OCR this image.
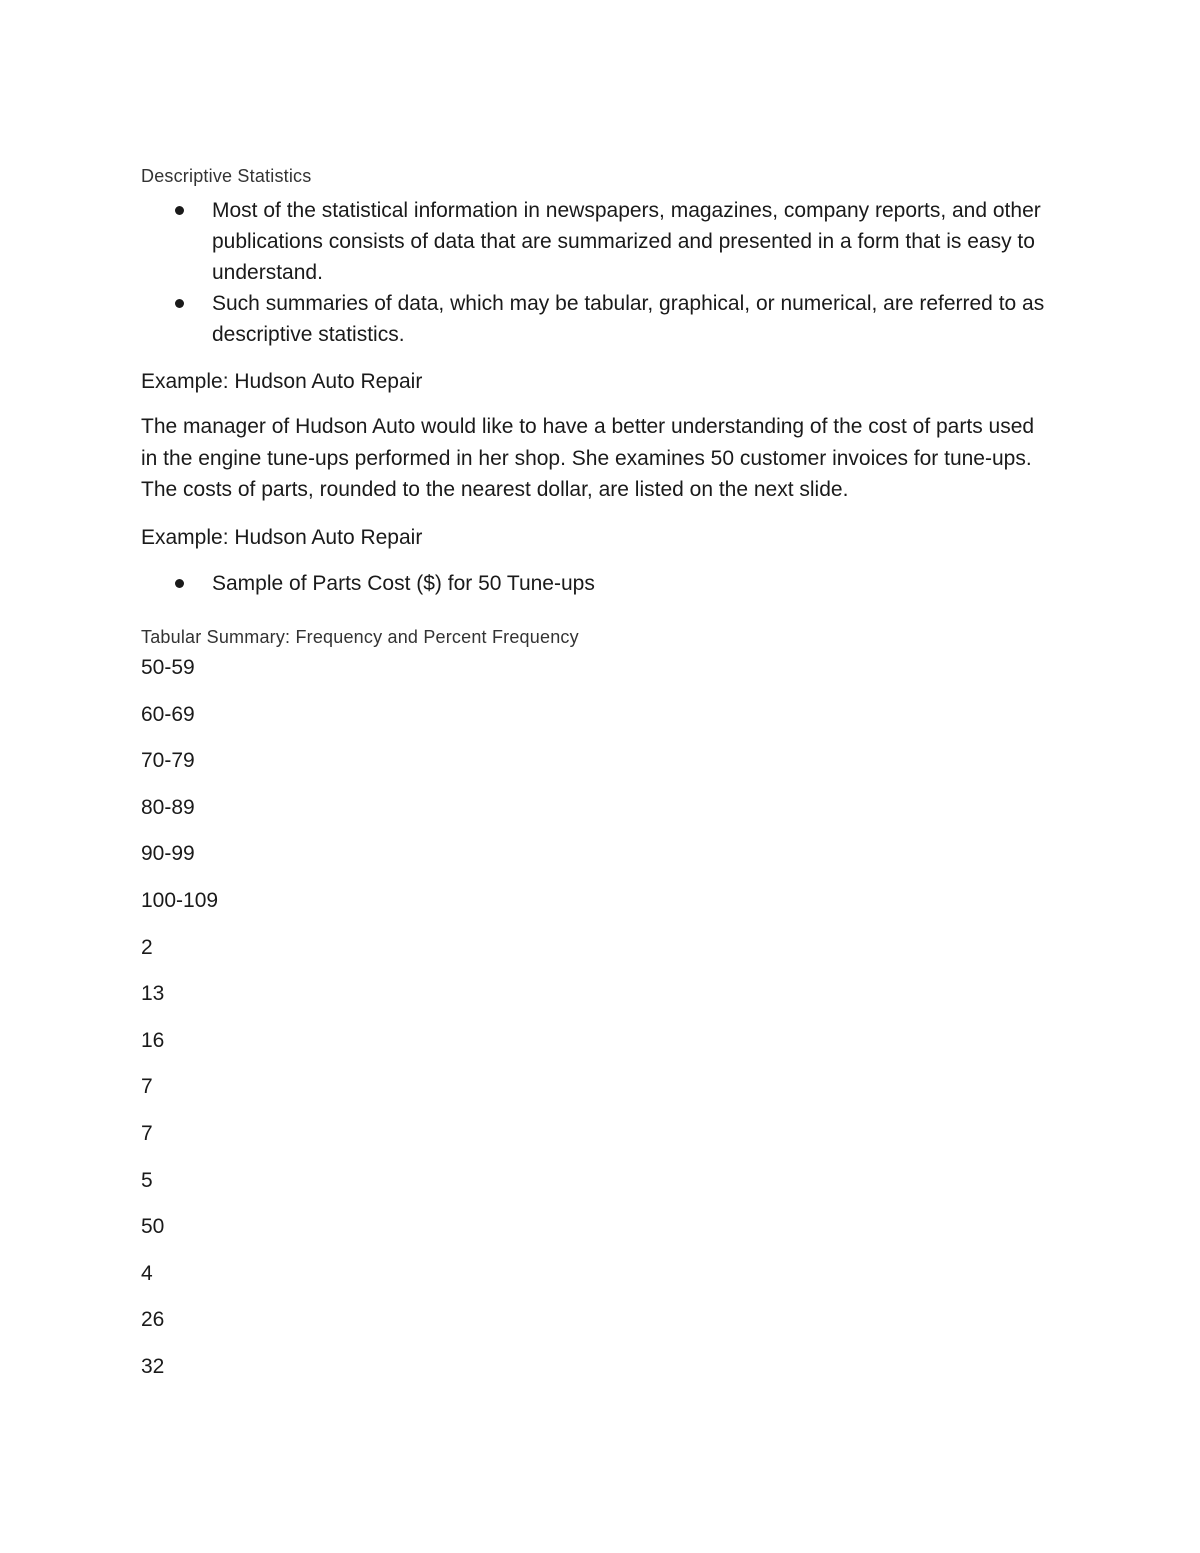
Descriptive Statistics
Most of the statistical information in newspapers, magazines, company reports, and other publications consists of data that are summarized and presented in a form that is easy to understand.
Such summaries of data, which may be tabular, graphical, or numerical, are referred to as descriptive statistics.

Example: Hudson Auto Repair

The manager of Hudson Auto would like to have a better understanding of the cost of parts used in the engine tune-ups performed in her shop. She examines 50 customer invoices for tune-ups. The costs of parts, rounded to the nearest dollar, are listed on the next slide.

Example: Hudson Auto Repair

Sample of Parts Cost ($) for 50 Tune-ups
Tabular Summary: Frequency and Percent Frequency
50-59
60-69
70-79
80-89
90-99
100-109
2
13
16
7
7
5
50
4
26
32
